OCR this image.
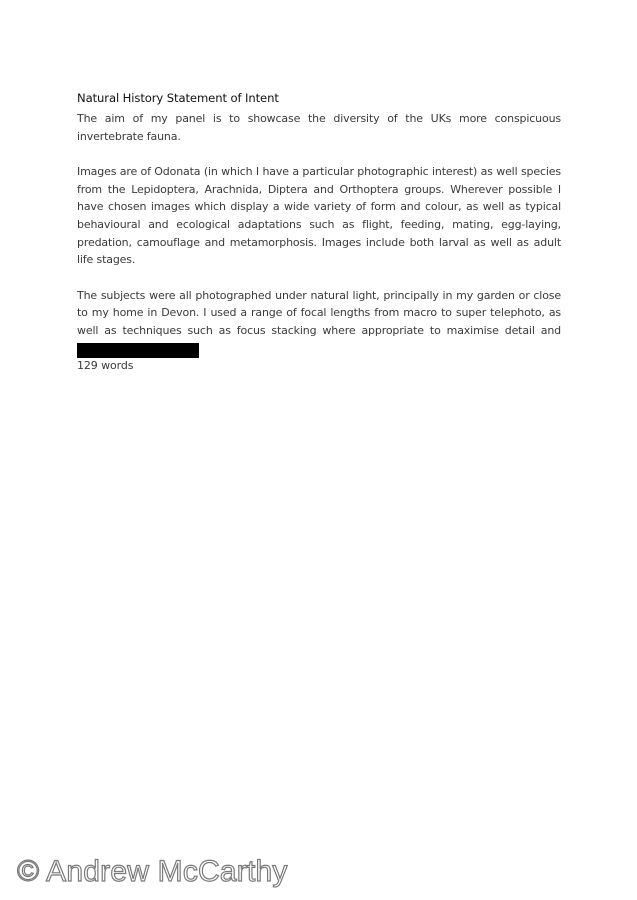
Natural History Statement of Intent

The aim of my panel is to showcase the diversity of the UKs more conspicuous invertebrate fauna.

Images are of Odonata (in which I have a particular photographic interest) as well species from the Lepidoptera, Arachnida, Diptera and Orthoptera groups. Wherever possible I have chosen images which display a wide variety of form and colour, as well as typical behavioural and ecological adaptations such as flight, feeding, mating, egg-laying, predation, camouflage and metamorphosis. Images include both larval as well as adult life stages.

The subjects were all photographed under natural light, principally in my garden or close to my home in Devon. I used a range of focal lengths from macro to super telephoto, as well as techniques such as focus stacking where appropriate to maximise detail and

129 words
© Andrew McCarthy
